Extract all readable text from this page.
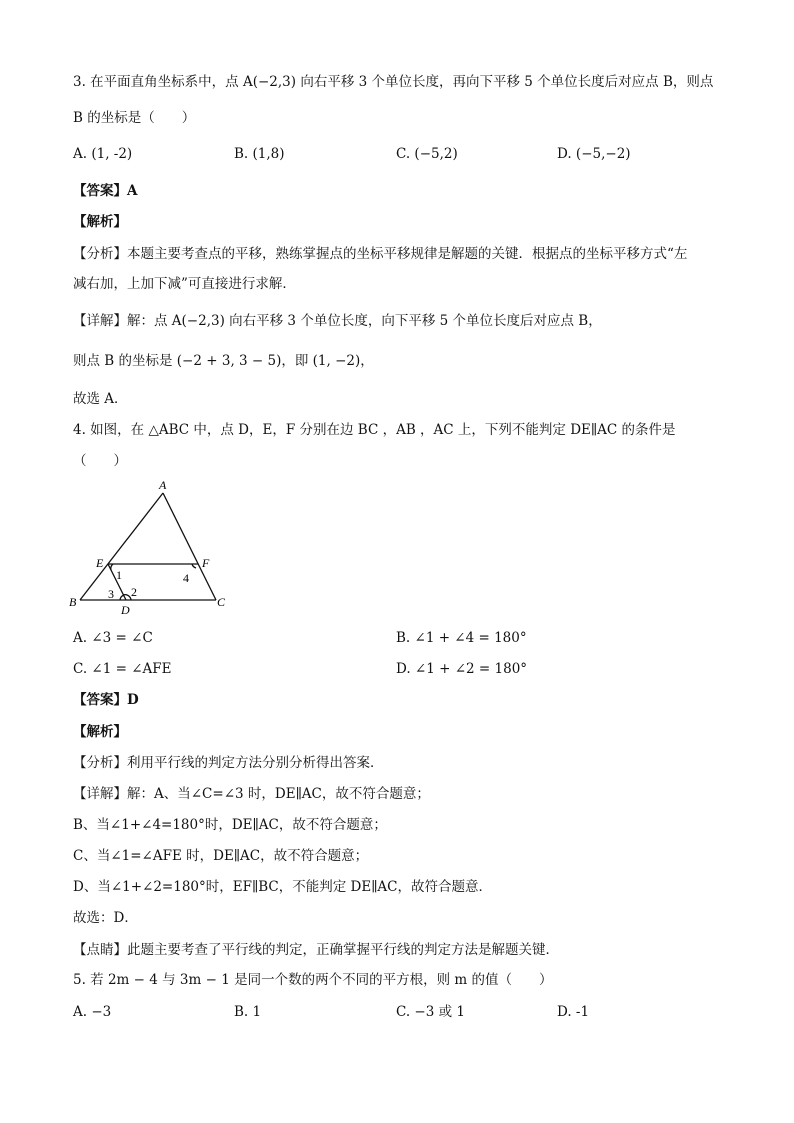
3. 在平面直角坐标系中，点 A(−2,3) 向右平移 3 个单位长度，再向下平移 5 个单位长度后对应点 B，则点
B 的坐标是（　　）
A. (1, -2)	B. (1,8)	C. (−5,2)	D. (−5,−2)
【答案】A
【解析】
【分析】本题主要考查点的平移，熟练掌握点的坐标平移规律是解题的关键．根据点的坐标平移方式“左
减右加，上加下减”可直接进行求解．
【详解】解：点 A(−2,3) 向右平移 3 个单位长度，向下平移 5 个单位长度后对应点 B，
则点 B 的坐标是 (−2 + 3, 3 − 5)，即 (1, −2)，
故选 A．
4. 如图，在 △ABC 中，点 D，E，F 分别在边 BC ，AB ，AC 上，下列不能判定 DE∥AC 的条件是
（　　）
A
E	F
B	C
D
1	4
3 2
A. ∠3 = ∠C	B. ∠1 + ∠4 = 180°
C. ∠1 = ∠AFE	D. ∠1 + ∠2 = 180°
【答案】D
【解析】
【分析】利用平行线的判定方法分别分析得出答案．
【详解】解：A、当∠C=∠3 时，DE∥AC，故不符合题意；
B、当∠1+∠4=180°时，DE∥AC，故不符合题意；
C、当∠1=∠AFE 时，DE∥AC，故不符合题意；
D、当∠1+∠2=180°时，EF∥BC，不能判定 DE∥AC，故符合题意．
故选：D．
【点睛】此题主要考查了平行线的判定，正确掌握平行线的判定方法是解题关键．
5. 若 2m − 4 与 3m − 1 是同一个数的两个不同的平方根，则 m 的值（　　）
A. −3	B. 1	C. −3 或 1	D. -1
